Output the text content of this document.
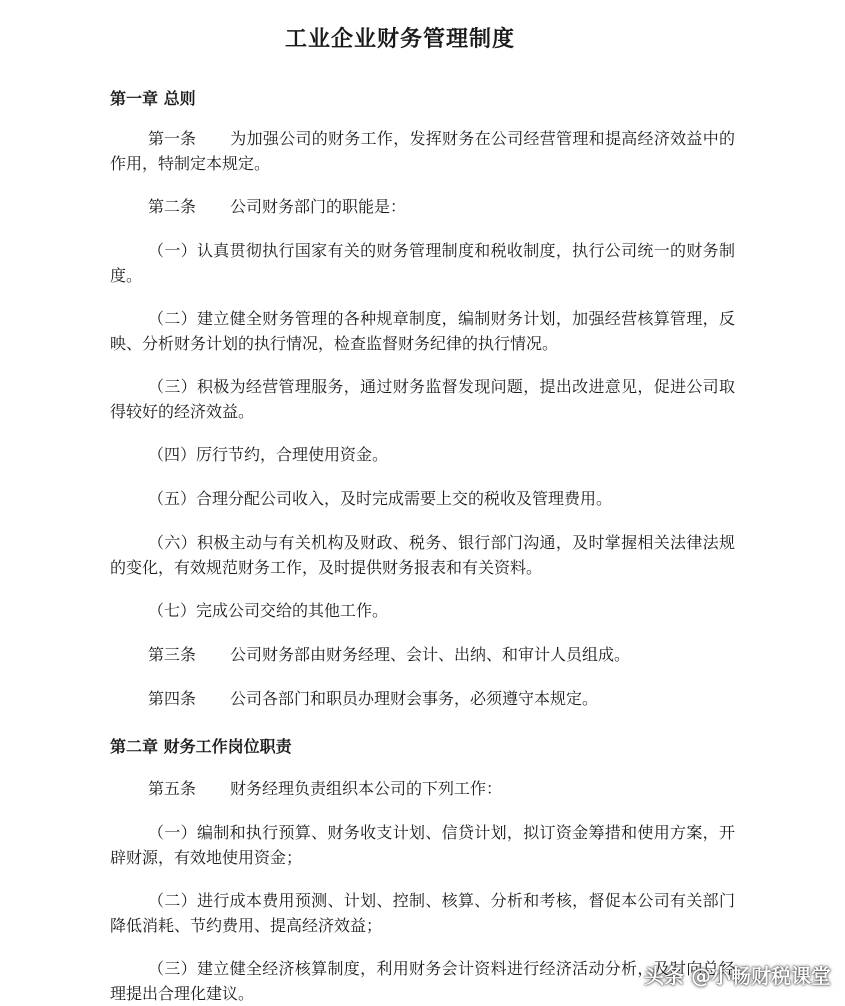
工业企业财务管理制度
第一章 总则
第一条 为加强公司的财务工作，发挥财务在公司经营管理和提高经济效益中的作用，特制定本规定。
第二条 公司财务部门的职能是：
（一）认真贯彻执行国家有关的财务管理制度和税收制度，执行公司统一的财务制度。
（二）建立健全财务管理的各种规章制度，编制财务计划，加强经营核算管理，反映、分析财务计划的执行情况，检查监督财务纪律的执行情况。
（三）积极为经营管理服务，通过财务监督发现问题，提出改进意见，促进公司取得较好的经济效益。
（四）厉行节约，合理使用资金。
（五）合理分配公司收入，及时完成需要上交的税收及管理费用。
（六）积极主动与有关机构及财政、税务、银行部门沟通，及时掌握相关法律法规的变化，有效规范财务工作，及时提供财务报表和有关资料。
（七）完成公司交给的其他工作。
第三条 公司财务部由财务经理、会计、出纳、和审计人员组成。
第四条 公司各部门和职员办理财会事务，必须遵守本规定。
第二章 财务工作岗位职责
第五条 财务经理负责组织本公司的下列工作：
（一）编制和执行预算、财务收支计划、信贷计划，拟订资金筹措和使用方案，开辟财源，有效地使用资金；
（二）进行成本费用预测、计划、控制、核算、分析和考核，督促本公司有关部门降低消耗、节约费用、提高经济效益；
（三）建立健全经济核算制度，利用财务会计资料进行经济活动分析，及时向总经理提出合理化建议。
头条 @小畅财税课堂
